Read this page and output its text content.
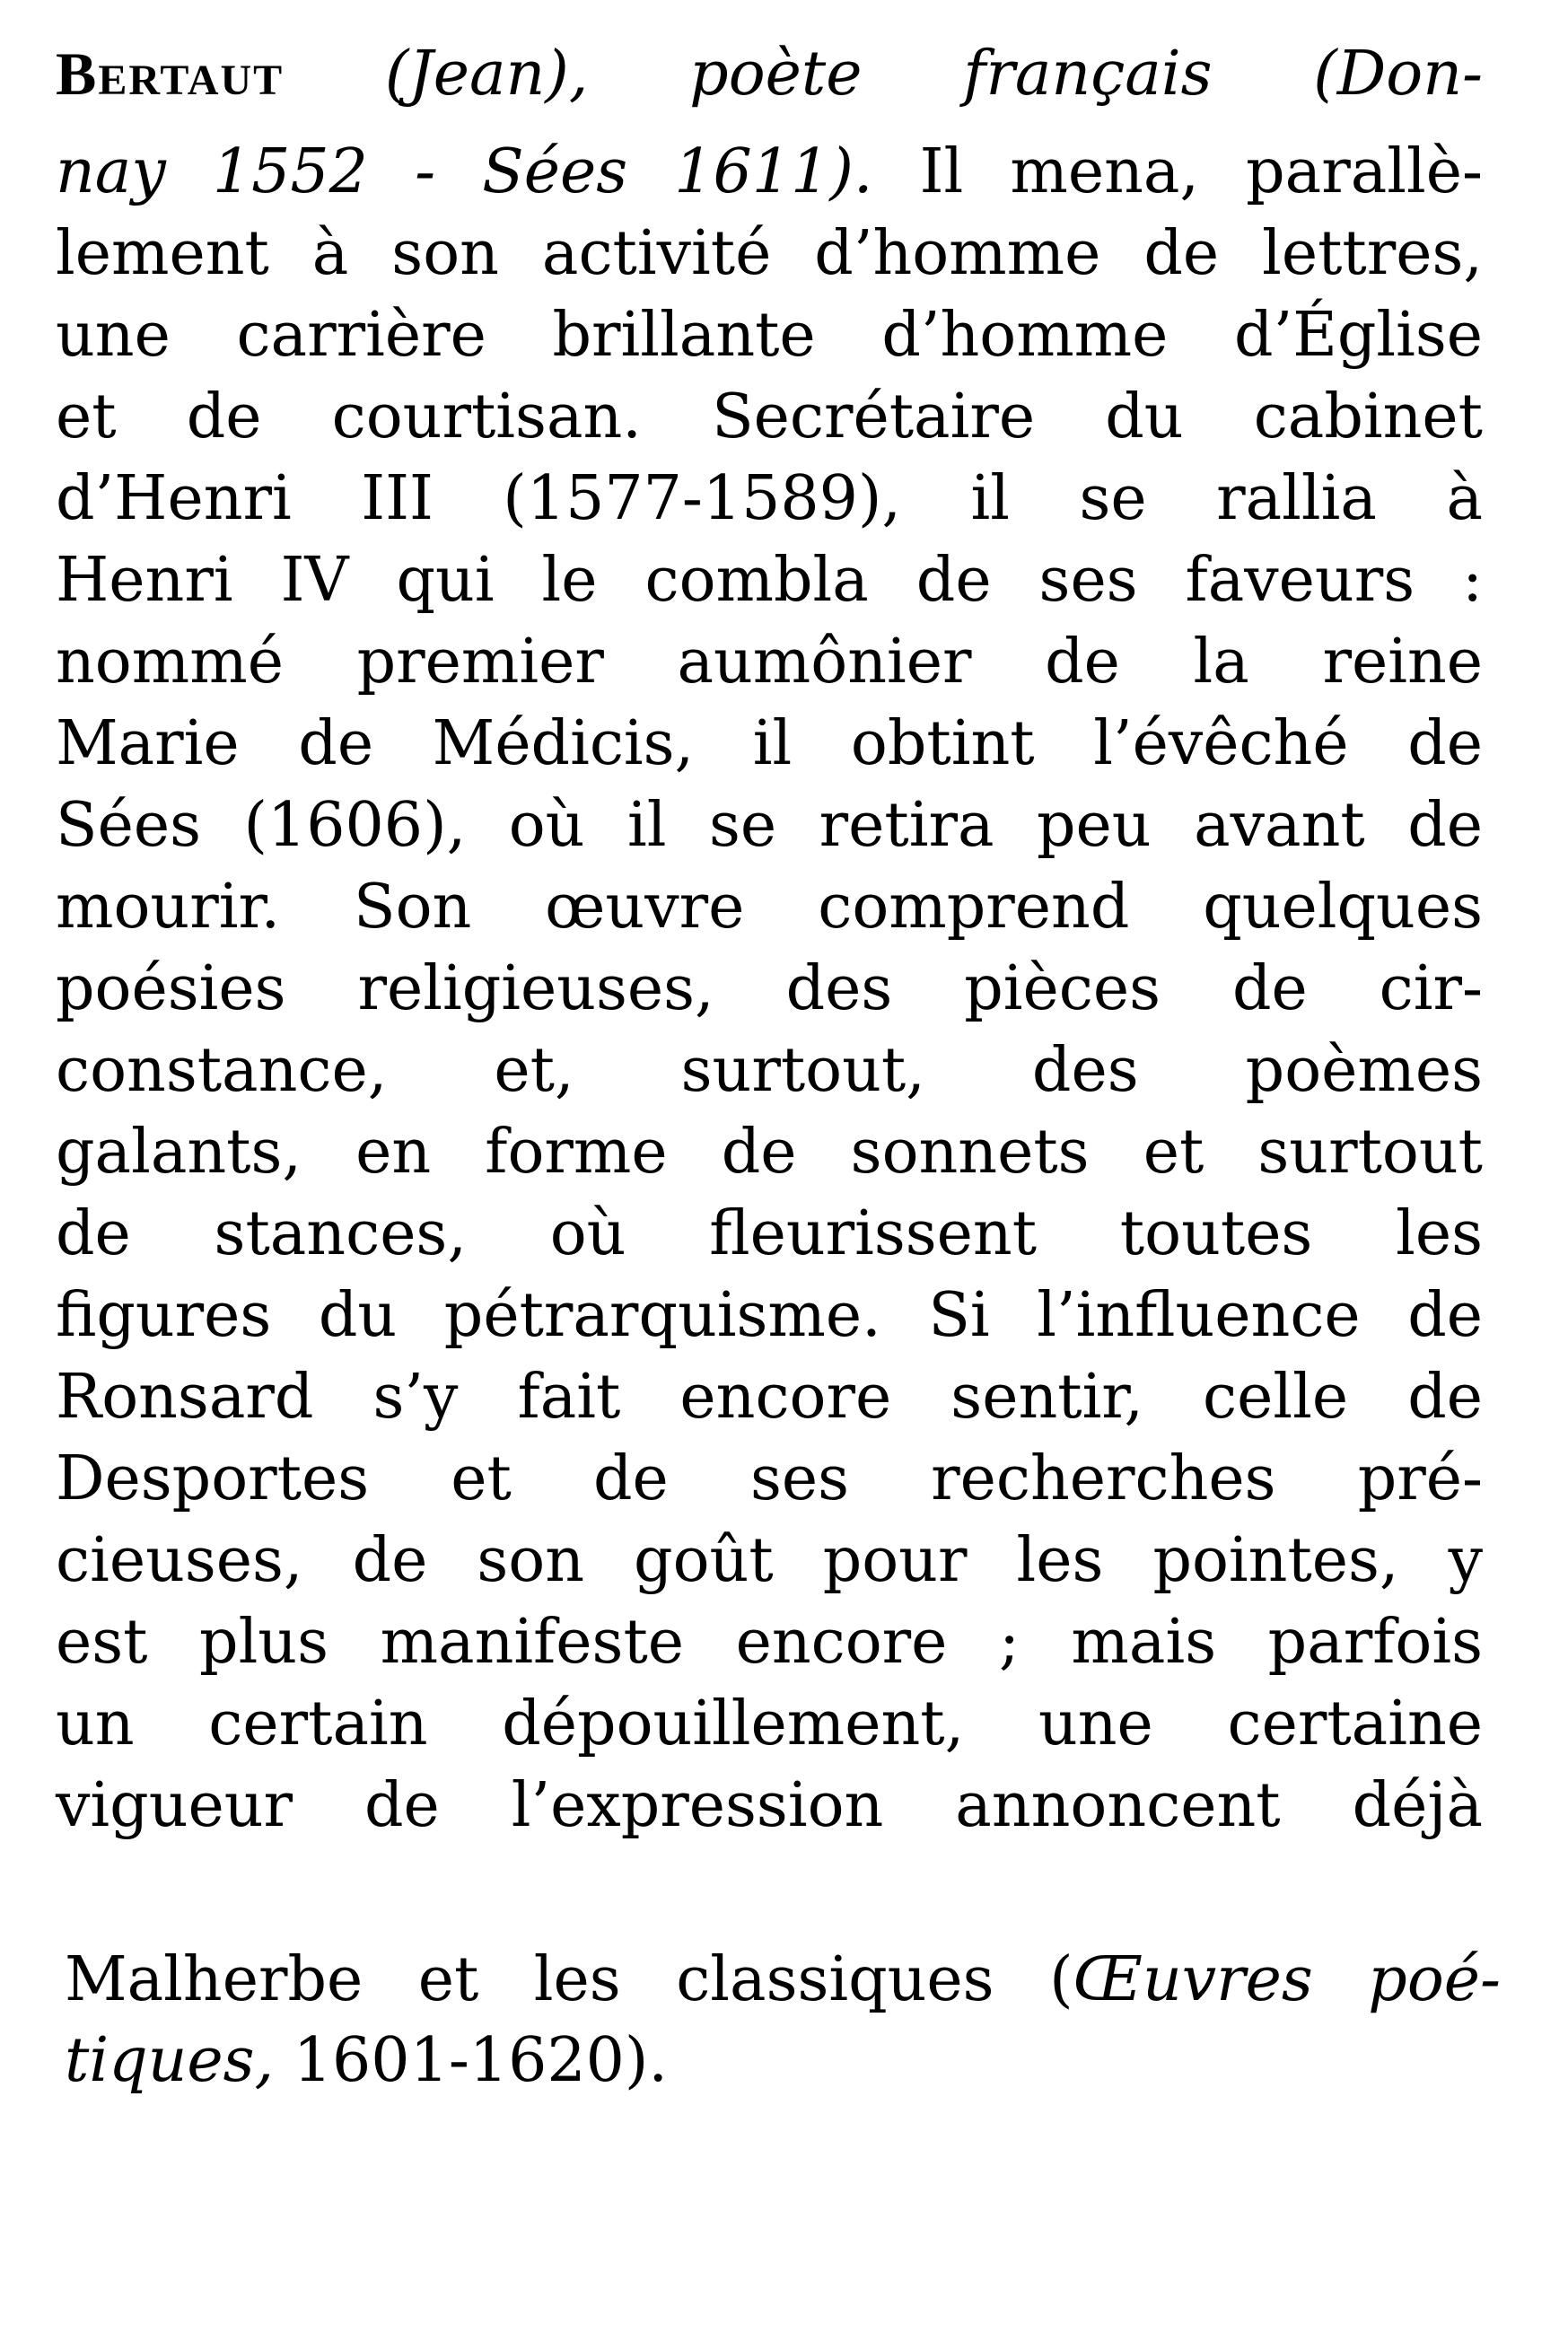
Bertaut (Jean), poète français (Don-
nay 1552 - Sées 1611). Il mena, parallè-
lement à son activité d’homme de lettres,
une carrière brillante d’homme d’Église
et de courtisan. Secrétaire du cabinet
d’Henri III (1577-1589), il se rallia à
Henri IV qui le combla de ses faveurs :
nommé premier aumônier de la reine
Marie de Médicis, il obtint l’évêché de
Sées (1606), où il se retira peu avant de
mourir. Son œuvre comprend quelques
poésies religieuses, des pièces de cir-
constance, et, surtout, des poèmes
galants, en forme de sonnets et surtout
de stances, où fleurissent toutes les
figures du pétrarquisme. Si l’influence de
Ronsard s’y fait encore sentir, celle de
Desportes et de ses recherches pré-
cieuses, de son goût pour les pointes, y
est plus manifeste encore ; mais parfois
un certain dépouillement, une certaine
vigueur de l’expression annoncent déjà
Malherbe et les classiques (Œuvres poé-
tiques, 1601-1620).
